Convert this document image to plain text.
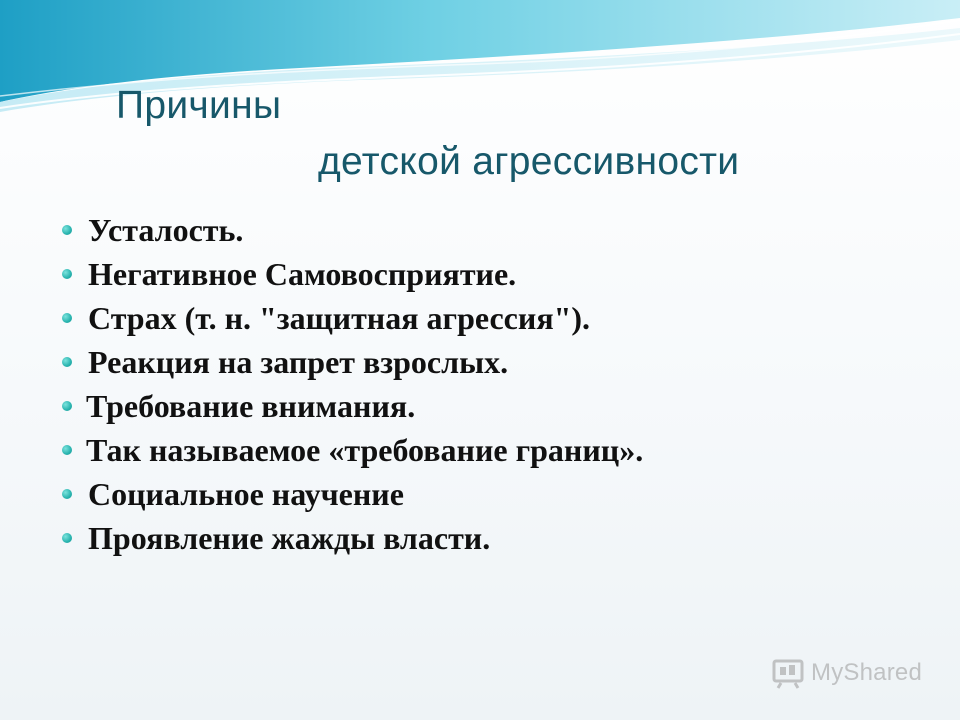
Причины
детской агрессивности
Усталость.
Негативное Самовосприятие.
Страх (т. н. "защитная агрессия").
Реакция на запрет взрослых.
Требование внимания.
Так называемое «требование границ».
Социальное научение
Проявление жажды власти.
MyShared
